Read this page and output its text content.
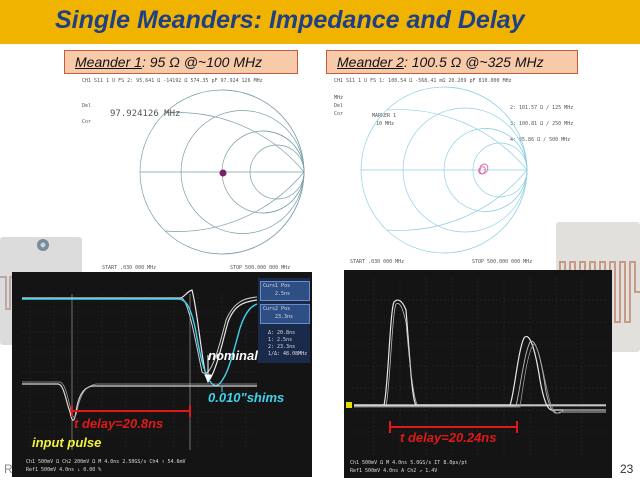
Single Meanders: Impedance and Delay
Meander 1: 95 Ω @~100 MHz	Meander 2: 100.5 Ω @~325 MHz
CH1 S11 1 U FS 2: 95.641 Ω -14192 Ω 574.35 pF 97.924 126 MHz
Del
Cor
97.924126 MHz
START .030 000 MHz	STOP 500.000 000 MHz
CH1 S11 1 U FS 1: 100.54 Ω -568.41 mΩ 20.209 pF 810.000 MHz
MHz
Del
Cor	MARKER 1
10 MHz
2: 101.57 Ω / 125 MHz
3: 100.81 Ω / 250 MHz
4: 95.86 Ω / 500 MHz
START .030 000 MHz	STOP 500.000 000 MHz
Curs1 Pos
2.5ns
Curs2 Pos
23.3ns
Δ: 20.8ns
1: 2.5ns
2: 23.3ns
1/Δ: 48.08MHz
nominal
0.010"shims
t delay=20.8ns
input pulse
Ch1 500mV Ω Ch2 200mV Ω M 4.0ns 2.50GS/s Ch4 ↑ 54.6mV
Ref1 500mV 4.0ns ↓ 0.00 %
t delay=20.24ns
Ch1 500mV Ω M 4.0ns 5.0GS/s IT 8.0ps/pt
Ref1 500mV 4.0ns A Ch2 ↗ 1.4V
R	23
